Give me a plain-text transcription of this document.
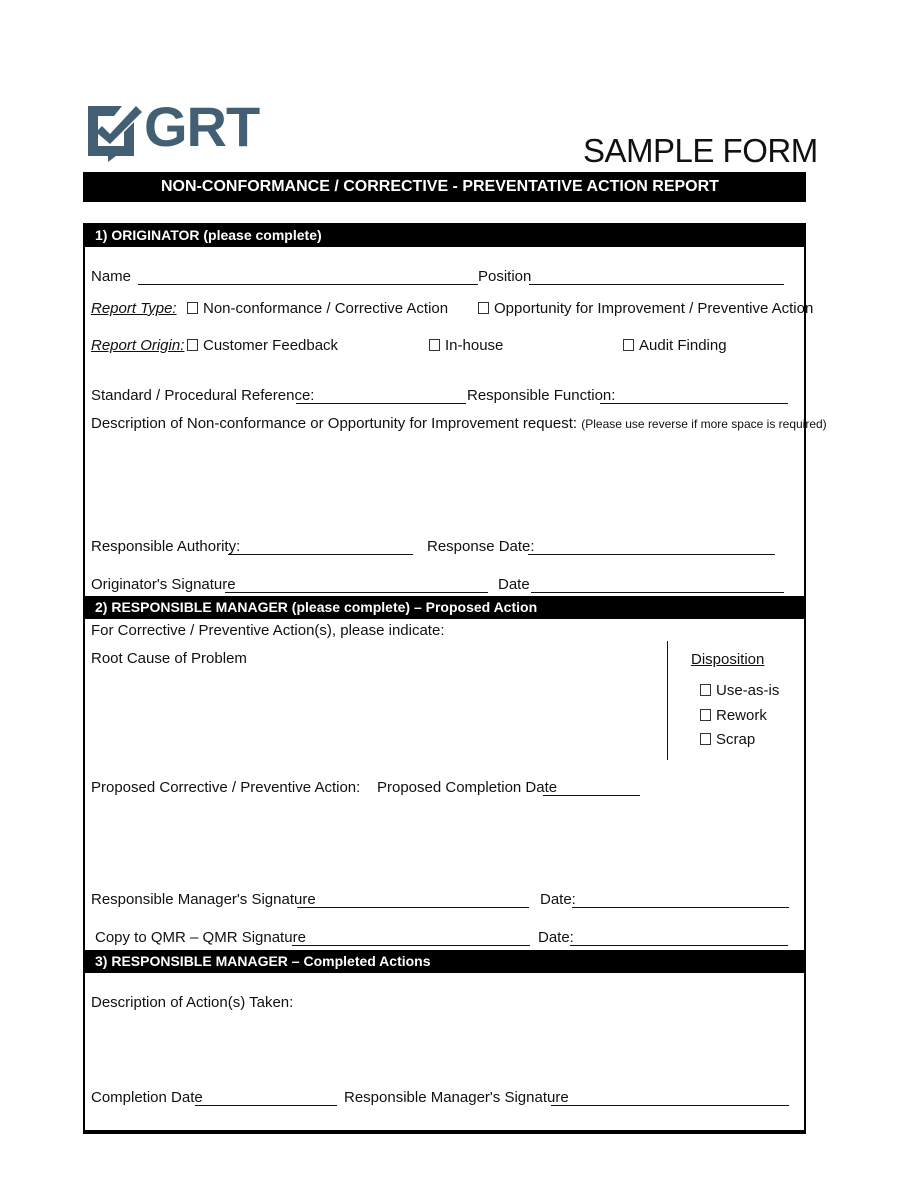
GRT	SAMPLE FORM
NON-CONFORMANCE / CORRECTIVE - PREVENTATIVE ACTION REPORT
1) ORIGINATOR (please complete)
Name	Position
Report Type:	Non-conformance / Corrective Action	Opportunity for Improvement / Preventive Action
Report Origin:	Customer Feedback	In-house	Audit Finding
Standard / Procedural Reference:	Responsible Function:
Description of Non-conformance or Opportunity for Improvement request: (Please use reverse if more space is required)
Responsible Authority:	Response Date:
Originator's Signature	Date
2) RESPONSIBLE MANAGER (please complete) – Proposed Action
For Corrective / Preventive Action(s), please indicate:
Root Cause of Problem	Disposition
Use-as-is
Rework
Scrap
Proposed Corrective / Preventive Action: Proposed Completion Date
Responsible Manager's Signature	Date:
Copy to QMR – QMR Signature	Date:
3) RESPONSIBLE MANAGER – Completed Actions
Description of Action(s) Taken:
Completion Date	Responsible Manager's Signature
